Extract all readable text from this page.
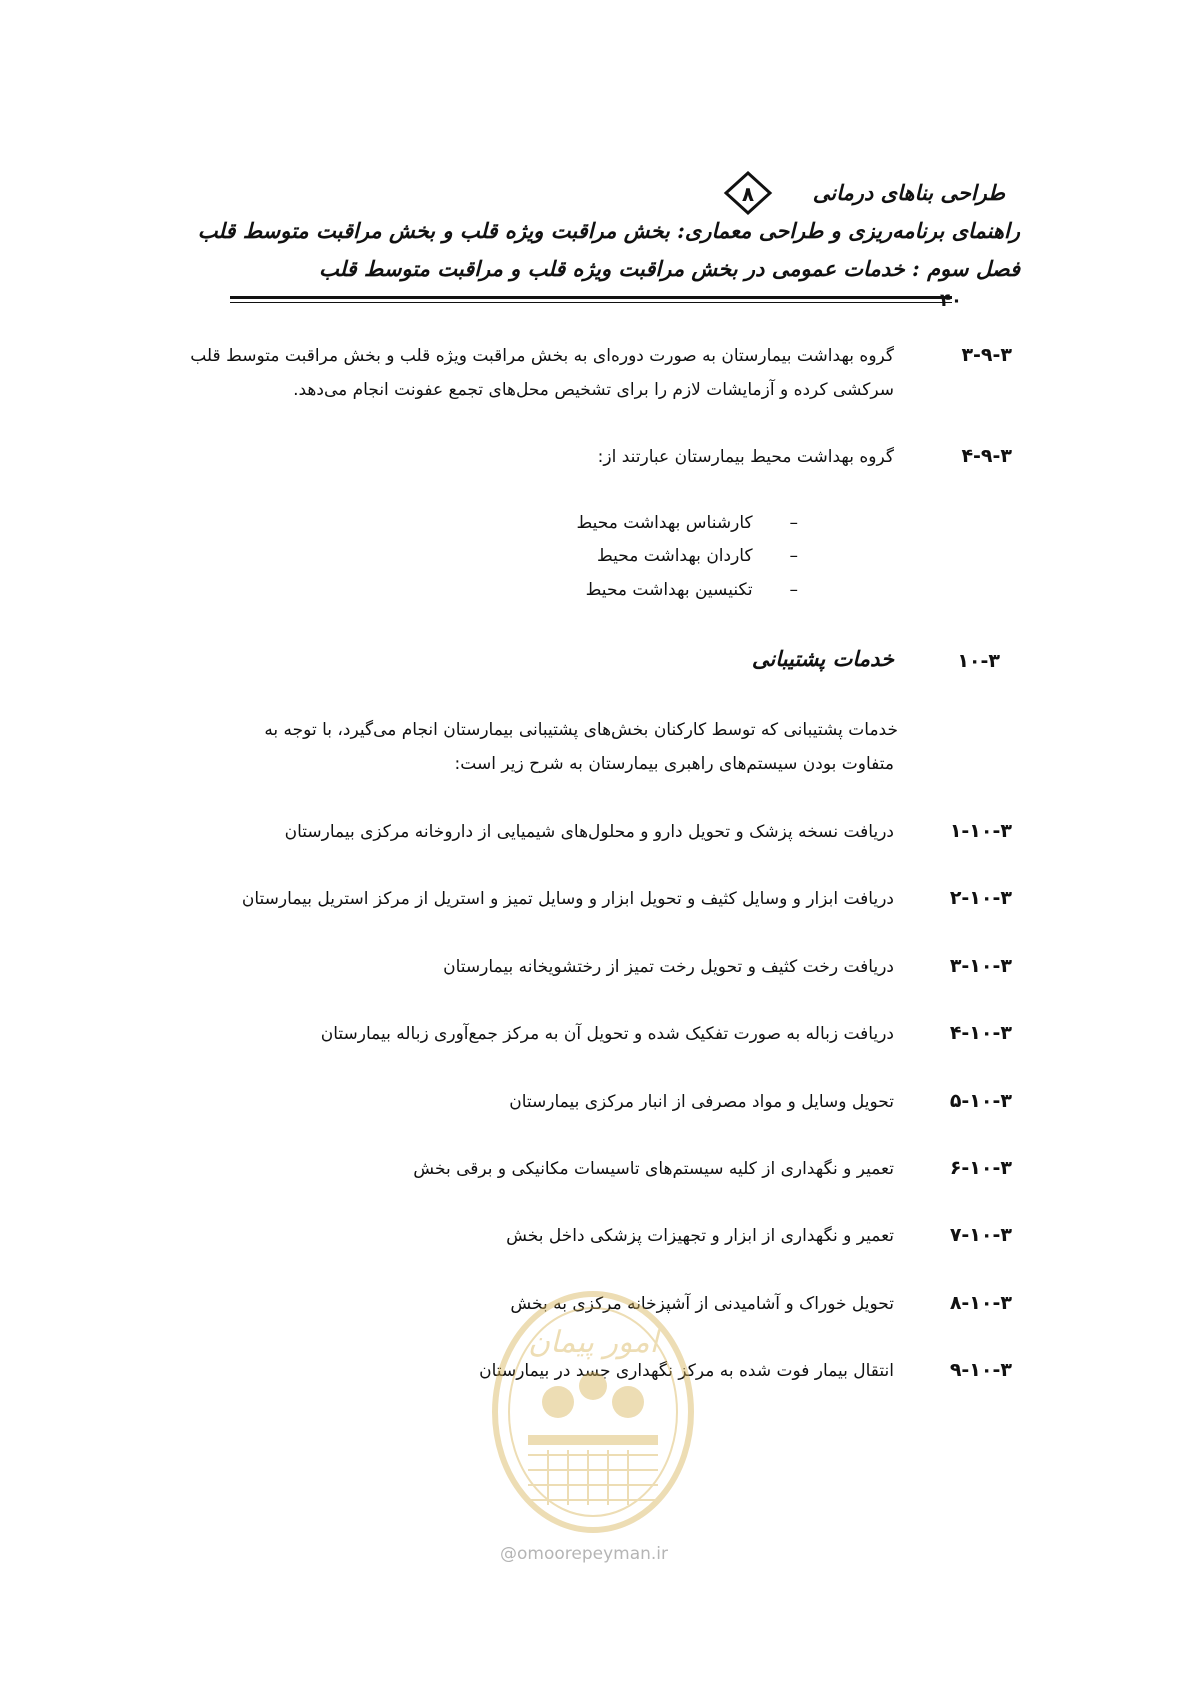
طراحی بناهای درمانی
۸
راهنمای برنامه‌ریزی و طراحی معماری: بخش مراقبت ویژه قلب و بخش مراقبت متوسط قلب
فصل سوم : خدمات عمومی در بخش مراقبت ویژه قلب و مراقبت متوسط قلب
۴۰
۳-۹-۳
گروه بهداشت بیمارستان به صورت دوره‌ای به بخش مراقبت ویژه قلب و بخش مراقبت متوسط قلب
سرکشی کرده و آزمایشات لازم را برای تشخیص محل‌های تجمع عفونت انجام می‌دهد.
۴-۹-۳
گروه بهداشت محیط بیمارستان عبارتند از:
– کارشناس بهداشت محیط
– کاردان بهداشت محیط
– تکنیسین بهداشت محیط
۱۰-۳
خدمات پشتیبانی
خدمات پشتیبانی که توسط کارکنان بخش‌های پشتیبانی بیمارستان انجام می‌گیرد، با توجه به
متفاوت بودن سیستم‌های راهبری بیمارستان به شرح زیر است:
۱-۱۰-۳
دریافت نسخه پزشک و تحویل دارو و محلول‌های شیمیایی از داروخانه مرکزی بیمارستان
۲-۱۰-۳
دریافت ابزار و وسایل کثیف و تحویل ابزار و وسایل تمیز و استریل از مرکز استریل بیمارستان
۳-۱۰-۳
دریافت رخت کثیف و تحویل رخت تمیز از رختشویخانه بیمارستان
۴-۱۰-۳
دریافت زباله به صورت تفکیک شده و تحویل آن به مرکز جمع‌آوری زباله بیمارستان
۵-۱۰-۳
تحویل وسایل و مواد مصرفی از انبار مرکزی بیمارستان
۶-۱۰-۳
تعمیر و نگهداری از کلیه سیستم‌های تاسیسات مکانیکی و برقی بخش
۷-۱۰-۳
تعمیر و نگهداری از ابزار و تجهیزات پزشکی داخل بخش
۸-۱۰-۳
تحویل خوراک و آشامیدنی از آشپزخانه مرکزی به بخش
۹-۱۰-۳
انتقال بیمار فوت شده به مرکز نگهداری جسد در بیمارستان
امور پیمان
@omoorepeyman.ir
